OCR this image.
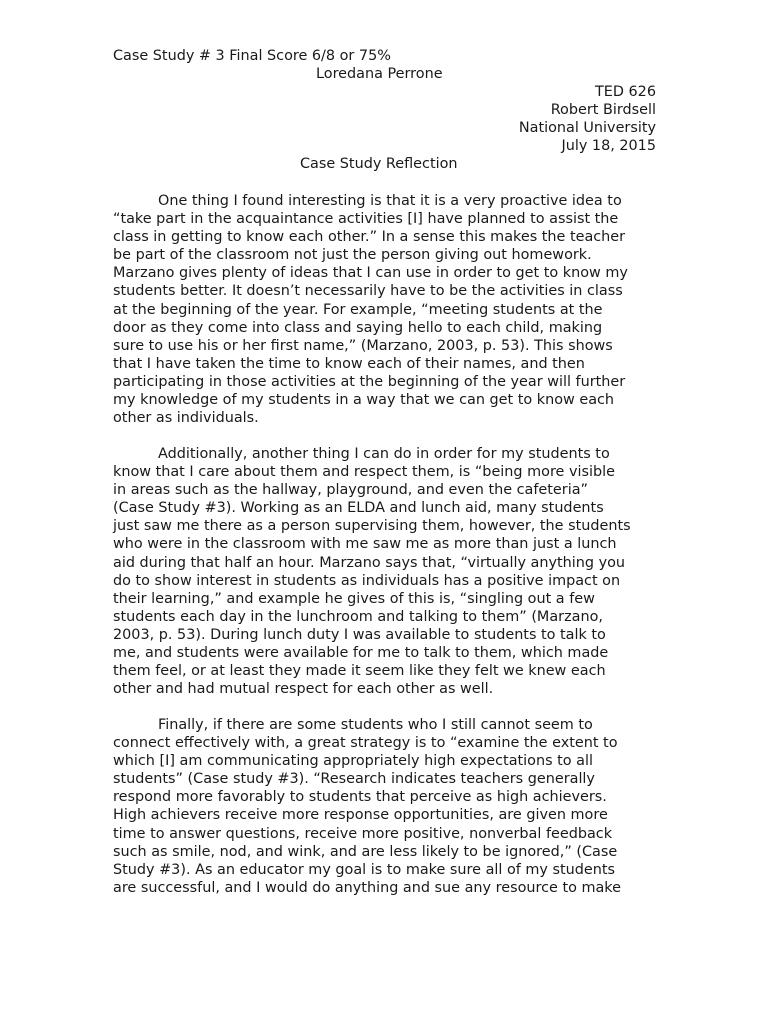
Case Study # 3 Final Score 6/8 or 75%
Loredana Perrone
TED 626
Robert Birdsell
National University
July 18, 2015
Case Study Reflection
One thing I found interesting is that it is a very proactive idea to
“take part in the acquaintance activities [I] have planned to assist the
class in getting to know each other.” In a sense this makes the teacher
be part of the classroom not just the person giving out homework.
Marzano gives plenty of ideas that I can use in order to get to know my
students better. It doesn’t necessarily have to be the activities in class
at the beginning of the year. For example, “meeting students at the
door as they come into class and saying hello to each child, making
sure to use his or her first name,” (Marzano, 2003, p. 53). This shows
that I have taken the time to know each of their names, and then
participating in those activities at the beginning of the year will further
my knowledge of my students in a way that we can get to know each
other as individuals.
Additionally, another thing I can do in order for my students to
know that I care about them and respect them, is “being more visible
in areas such as the hallway, playground, and even the cafeteria”
(Case Study #3). Working as an ELDA and lunch aid, many students
just saw me there as a person supervising them, however, the students
who were in the classroom with me saw me as more than just a lunch
aid during that half an hour. Marzano says that, “virtually anything you
do to show interest in students as individuals has a positive impact on
their learning,” and example he gives of this is, “singling out a few
students each day in the lunchroom and talking to them” (Marzano,
2003, p. 53). During lunch duty I was available to students to talk to
me, and students were available for me to talk to them, which made
them feel, or at least they made it seem like they felt we knew each
other and had mutual respect for each other as well.
Finally, if there are some students who I still cannot seem to
connect effectively with, a great strategy is to “examine the extent to
which [I] am communicating appropriately high expectations to all
students” (Case study #3). “Research indicates teachers generally
respond more favorably to students that perceive as high achievers.
High achievers receive more response opportunities, are given more
time to answer questions, receive more positive, nonverbal feedback
such as smile, nod, and wink, and are less likely to be ignored,” (Case
Study #3). As an educator my goal is to make sure all of my students
are successful, and I would do anything and sue any resource to make
